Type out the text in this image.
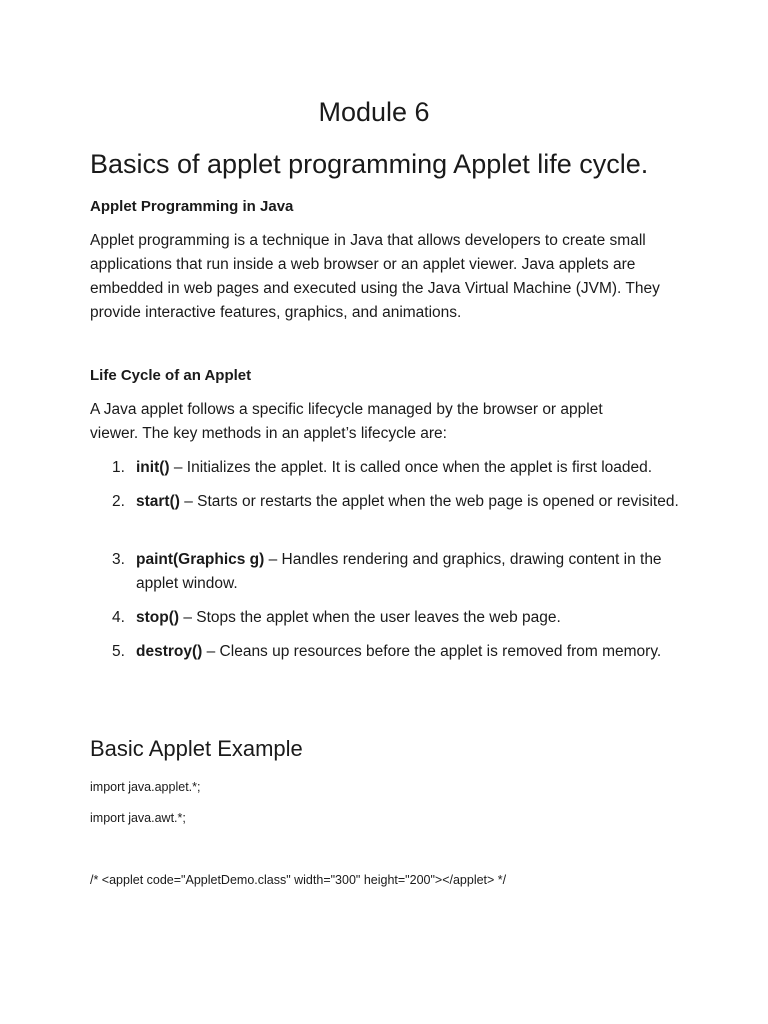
Module 6
Basics of applet programming Applet life cycle.
Applet Programming in Java
Applet programming is a technique in Java that allows developers to create small applications that run inside a web browser or an applet viewer. Java applets are embedded in web pages and executed using the Java Virtual Machine (JVM). They provide interactive features, graphics, and animations.
Life Cycle of an Applet
A Java applet follows a specific lifecycle managed by the browser or applet viewer. The key methods in an applet’s lifecycle are:
1. init() – Initializes the applet. It is called once when the applet is first loaded.
2. start() – Starts or restarts the applet when the web page is opened or revisited.
3. paint(Graphics g) – Handles rendering and graphics, drawing content in the applet window.
4. stop() – Stops the applet when the user leaves the web page.
5. destroy() – Cleans up resources before the applet is removed from memory.
Basic Applet Example
import java.applet.*;
import java.awt.*;
/* <applet code="AppletDemo.class" width="300" height="200"></applet> */
